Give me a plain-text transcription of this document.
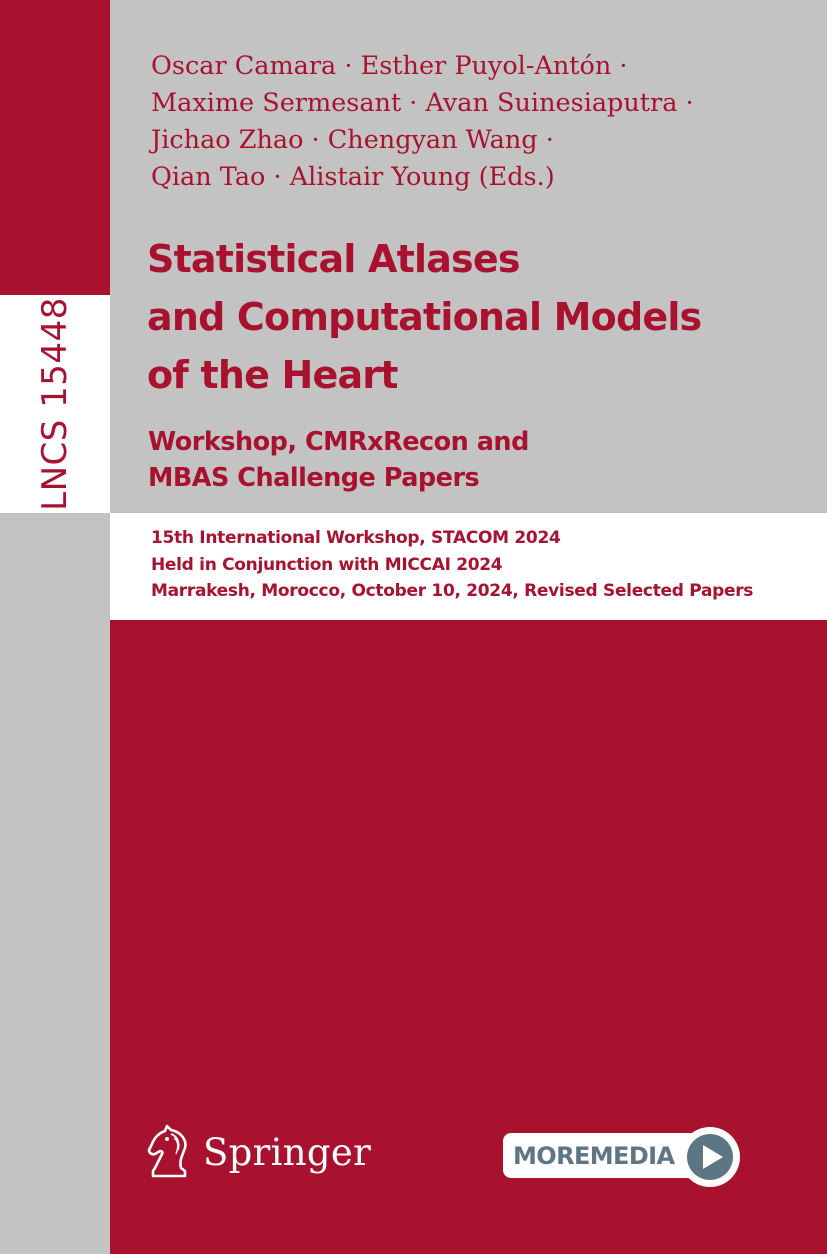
LNCS 15448
Oscar Camara · Esther Puyol-Antón ·
Maxime Sermesant · Avan Suinesiaputra ·
Jichao Zhao · Chengyan Wang ·
Qian Tao · Alistair Young (Eds.)
Statistical Atlases
and Computational Models
of the Heart
Workshop, CMRxRecon and
MBAS Challenge Papers
15th International Workshop, STACOM 2024
Held in Conjunction with MICCAI 2024
Marrakesh, Morocco, October 10, 2024, Revised Selected Papers
Springer	MOREMEDIA
